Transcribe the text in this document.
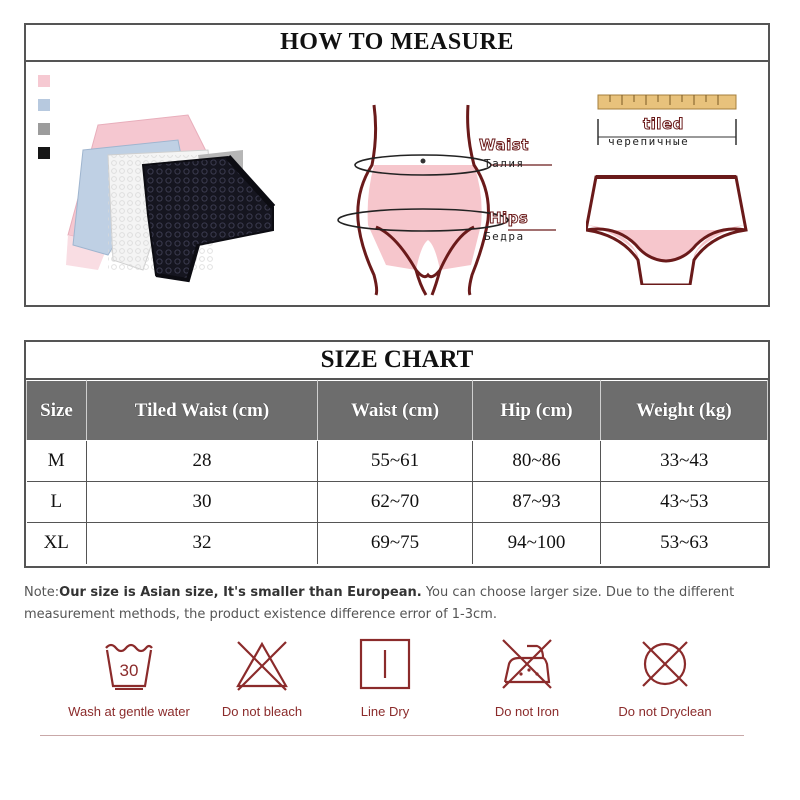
HOW TO MEASURE
Waist
Талия
Hips
Бедра
tiled
черепичные
SIZE CHART
Size	Tiled Waist (cm)	Waist (cm)	Hip (cm)	Weight (kg)
M	28	55~61	80~86	33~43
L	30	62~70	87~93	43~53
XL	32	69~75	94~100	53~63

Note:Our size is Asian size, It's smaller than European. You can choose larger size. Due to the different measurement methods, the product existence difference error of 1-3cm.

30
Wash at gentle water	Do not bleach	Line Dry	Do not Iron	Do not Dryclean
